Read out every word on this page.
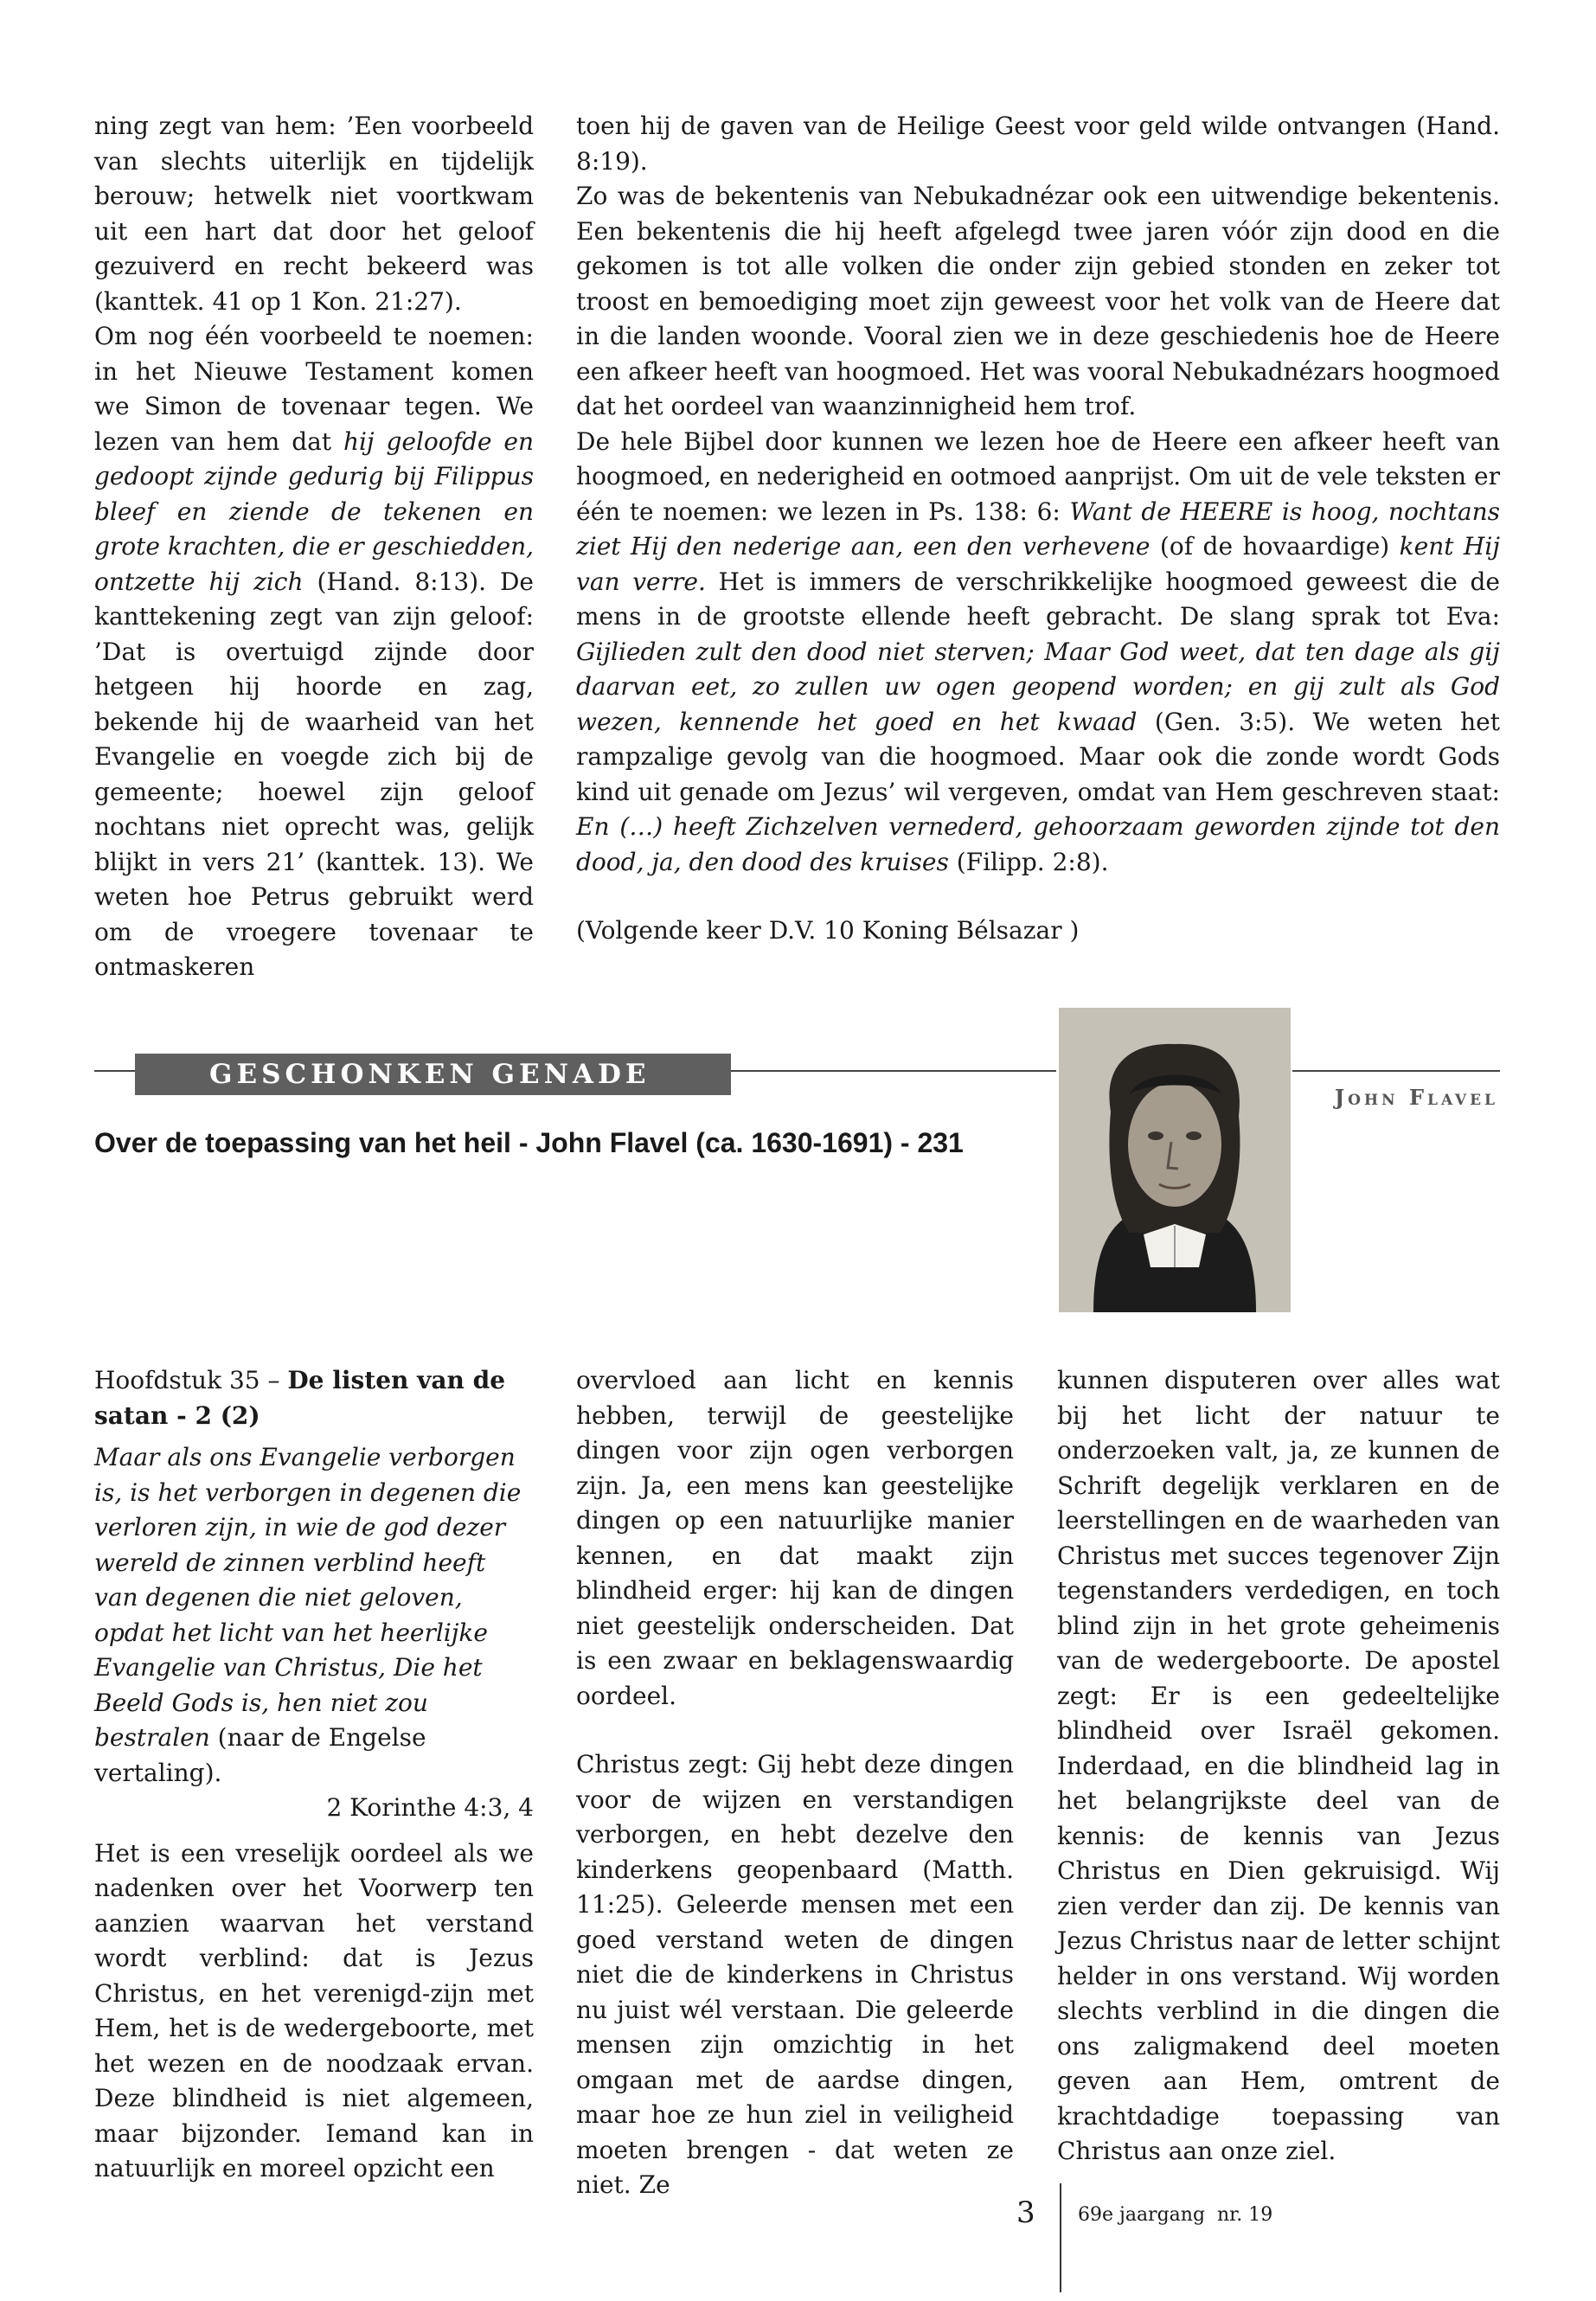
ning zegt van hem: ’Een voorbeeld van slechts uiterlijk en tijdelijk berouw; hetwelk niet voortkwam uit een hart dat door het geloof gezuiverd en recht bekeerd was (kanttek. 41 op 1 Kon. 21:27).

Om nog één voorbeeld te noemen: in het Nieuwe Testament komen we Simon de tovenaar tegen. We lezen van hem dat hij geloofde en gedoopt zijnde gedurig bij Filippus bleef en ziende de tekenen en grote krachten, die er geschiedden, ontzette hij zich (Hand. 8:13). De kanttekening zegt van zijn geloof: ’Dat is overtuigd zijnde door hetgeen hij hoorde en zag, bekende hij de waarheid van het Evangelie en voegde zich bij de gemeente; hoewel zijn geloof nochtans niet oprecht was, gelijk blijkt in vers 21’ (kanttek. 13). We weten hoe Petrus gebruikt werd om de vroegere tovenaar te ontmaskeren

toen hij de gaven van de Heilige Geest voor geld wilde ontvangen (Hand. 8:19).

Zo was de bekentenis van Nebukadnézar ook een uitwendige bekentenis. Een bekentenis die hij heeft afgelegd twee jaren vóór zijn dood en die gekomen is tot alle volken die onder zijn gebied stonden en zeker tot troost en bemoediging moet zijn geweest voor het volk van de Heere dat in die landen woonde. Vooral zien we in deze geschiedenis hoe de Heere een afkeer heeft van hoogmoed. Het was vooral Nebukadnézars hoogmoed dat het oordeel van waanzinnigheid hem trof.

De hele Bijbel door kunnen we lezen hoe de Heere een afkeer heeft van hoogmoed, en nederigheid en ootmoed aanprijst. Om uit de vele teksten er één te noemen: we lezen in Ps. 138: 6: Want de HEERE is hoog, nochtans ziet Hij den nederige aan, een den verhevene (of de hovaardige) kent Hij van verre. Het is immers de verschrikkelijke hoogmoed geweest die de mens in de grootste ellende heeft gebracht. De slang sprak tot Eva: Gijlieden zult den dood niet sterven; Maar God weet, dat ten dage als gij daarvan eet, zo zullen uw ogen geopend worden; en gij zult als God wezen, kennende het goed en het kwaad (Gen. 3:5). We weten het rampzalige gevolg van die hoogmoed. Maar ook die zonde wordt Gods kind uit genade om Jezus’ wil vergeven, omdat van Hem geschreven staat: En (…) heeft Zichzelven vernederd, gehoorzaam geworden zijnde tot den dood, ja, den dood des kruises (Filipp. 2:8).

(Volgende keer D.V. 10 Koning Bélsazar )

GESCHONKEN GENADE
John Flavel
Over de toepassing van het heil - John Flavel (ca. 1630-1691) - 231

Hoofdstuk 35 – De listen van de satan - 2 (2)

Maar als ons Evangelie verborgen is, is het verborgen in degenen die verloren zijn, in wie de god dezer wereld de zinnen verblind heeft van degenen die niet geloven, opdat het licht van het heerlijke Evangelie van Christus, Die het Beeld Gods is, hen niet zou bestralen (naar de Engelse vertaling).

2 Korinthe 4:3, 4

Het is een vreselijk oordeel als we nadenken over het Voorwerp ten aanzien waarvan het verstand wordt verblind: dat is Jezus Christus, en het verenigd-zijn met Hem, het is de wedergeboorte, met het wezen en de noodzaak ervan. Deze blindheid is niet algemeen, maar bijzonder. Iemand kan in natuurlijk en moreel opzicht een

overvloed aan licht en kennis hebben, terwijl de geestelijke dingen voor zijn ogen verborgen zijn. Ja, een mens kan geestelijke dingen op een natuurlijke manier kennen, en dat maakt zijn blindheid erger: hij kan de dingen niet geestelijk onderscheiden. Dat is een zwaar en beklagenswaardig oordeel.

Christus zegt: Gij hebt deze dingen voor de wijzen en verstandigen verborgen, en hebt dezelve den kinderkens geopenbaard (Matth. 11:25). Geleerde mensen met een goed verstand weten de dingen niet die de kinderkens in Christus nu juist wél verstaan. Die geleerde mensen zijn omzichtig in het omgaan met de aardse dingen, maar hoe ze hun ziel in veiligheid moeten brengen - dat weten ze niet. Ze

kunnen disputeren over alles wat bij het licht der natuur te onderzoeken valt, ja, ze kunnen de Schrift degelijk verklaren en de leerstellingen en de waarheden van Christus met succes tegenover Zijn tegenstanders verdedigen, en toch blind zijn in het grote geheimenis van de wedergeboorte. De apostel zegt: Er is een gedeeltelijke blindheid over Israël gekomen. Inderdaad, en die blindheid lag in het belangrijkste deel van de kennis: de kennis van Jezus Christus en Dien gekruisigd. Wij zien verder dan zij. De kennis van Jezus Christus naar de letter schijnt helder in ons verstand. Wij worden slechts verblind in die dingen die ons zaligmakend deel moeten geven aan Hem, omtrent de krachtdadige toepassing van Christus aan onze ziel.

3 69e jaargang  nr. 19
